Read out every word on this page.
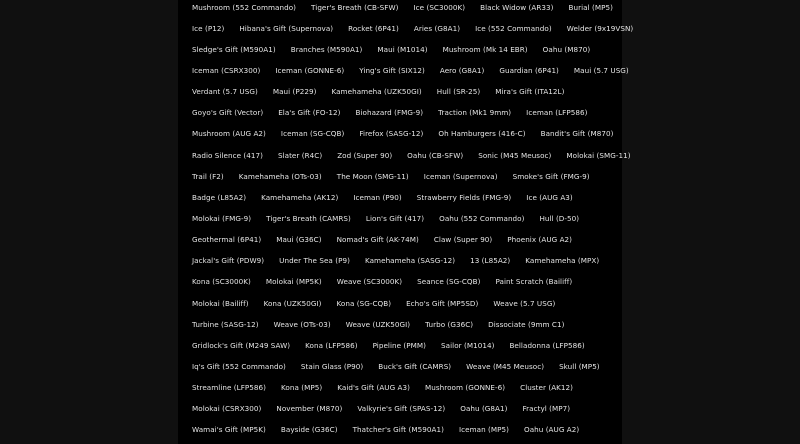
Mushroom (552 Commando) Tiger's Breath (CB-SFW) Ice (SC3000K) Black Widow (AR33) Burial (MP5)
Ice (P12) Hibana's Gift (Supernova) Rocket (6P41) Aries (G8A1) Ice (552 Commando) Welder (9x19VSN)
Sledge's Gift (M590A1) Branches (M590A1) Maui (M1014) Mushroom (Mk 14 EBR) Oahu (M870)
Iceman (CSRX300) Iceman (GONNE-6) Ying's Gift (SIX12) Aero (G8A1) Guardian (6P41) Maui (5.7 USG)
Verdant (5.7 USG) Maui (P229) Kamehameha (UZK50GI) Hull (SR-25) Mira's Gift (ITA12L)
Goyo's Gift (Vector) Ela's Gift (FO-12) Biohazard (FMG-9) Traction (Mk1 9mm) Iceman (LFP586)
Mushroom (AUG A2) Iceman (SG-CQB) Firefox (SASG-12) Oh Hamburgers (416-C) Bandit's Gift (M870)
Radio Silence (417) Slater (R4C) Zod (Super 90) Oahu (CB-SFW) Sonic (M45 Meusoc) Molokai (SMG-11)
Trail (F2) Kamehameha (OTs-03) The Moon (SMG-11) Iceman (Supernova) Smoke's Gift (FMG-9)
Badge (L85A2) Kamehameha (AK12) Iceman (P90) Strawberry Fields (FMG-9) Ice (AUG A3)
Molokai (FMG-9) Tiger's Breath (CAMRS) Lion's Gift (417) Oahu (552 Commando) Hull (D-50)
Geothermal (6P41) Maui (G36C) Nomad's Gift (AK-74M) Claw (Super 90) Phoenix (AUG A2)
Jackal's Gift (PDW9) Under The Sea (P9) Kamehameha (SASG-12) 13 (L85A2) Kamehameha (MPX)
Kona (SC3000K) Molokai (MP5K) Weave (SC3000K) Seance (SG-CQB) Paint Scratch (Bailiff)
Molokai (Bailiff) Kona (UZK50GI) Kona (SG-CQB) Echo's Gift (MP5SD) Weave (5.7 USG)
Turbine (SASG-12) Weave (OTs-03) Weave (UZK50GI) Turbo (G36C) Dissociate (9mm C1)
Gridlock's Gift (M249 SAW) Kona (LFP586) Pipeline (PMM) Sailor (M1014) Belladonna (LFP586)
Iq's Gift (552 Commando) Stain Glass (P90) Buck's Gift (CAMRS) Weave (M45 Meusoc) Skull (MP5)
Streamline (LFP586) Kona (MP5) Kaid's Gift (AUG A3) Mushroom (GONNE-6) Cluster (AK12)
Molokai (CSRX300) November (M870) Valkyrie's Gift (SPAS-12) Oahu (G8A1) Fractyl (MP7)
Wamai's Gift (MP5K) Bayside (G36C) Thatcher's Gift (M590A1) Iceman (MP5) Oahu (AUG A2)
